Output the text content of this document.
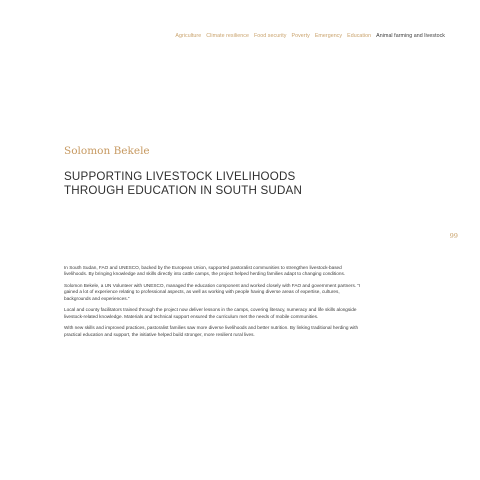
Agriculture Climate resilience Food security Poverty Emergency Education Animal farming and livestock
Solomon Bekele
SUPPORTING LIVESTOCK LIVELIHOODS
THROUGH EDUCATION IN SOUTH SUDAN
99

In South Sudan, FAO and UNESCO, backed by the European Union, supported pastoralist communities to strengthen livestock-based livelihoods. By bringing knowledge and skills directly into cattle camps, the project helped herding families adapt to changing conditions.

Solomon Bekele, a UN Volunteer with UNESCO, managed the education component and worked closely with FAO and government partners. “I gained a lot of experience relating to professional aspects, as well as working with people having diverse areas of expertise, cultures, backgrounds and experiences.”

Local and county facilitators trained through the project now deliver lessons in the camps, covering literacy, numeracy and life skills alongside livestock-related knowledge. Materials and technical support ensured the curriculum met the needs of mobile communities.

With new skills and improved practices, pastoralist families saw more diverse livelihoods and better nutrition. By linking traditional herding with practical education and support, the initiative helped build stronger, more resilient rural lives.
